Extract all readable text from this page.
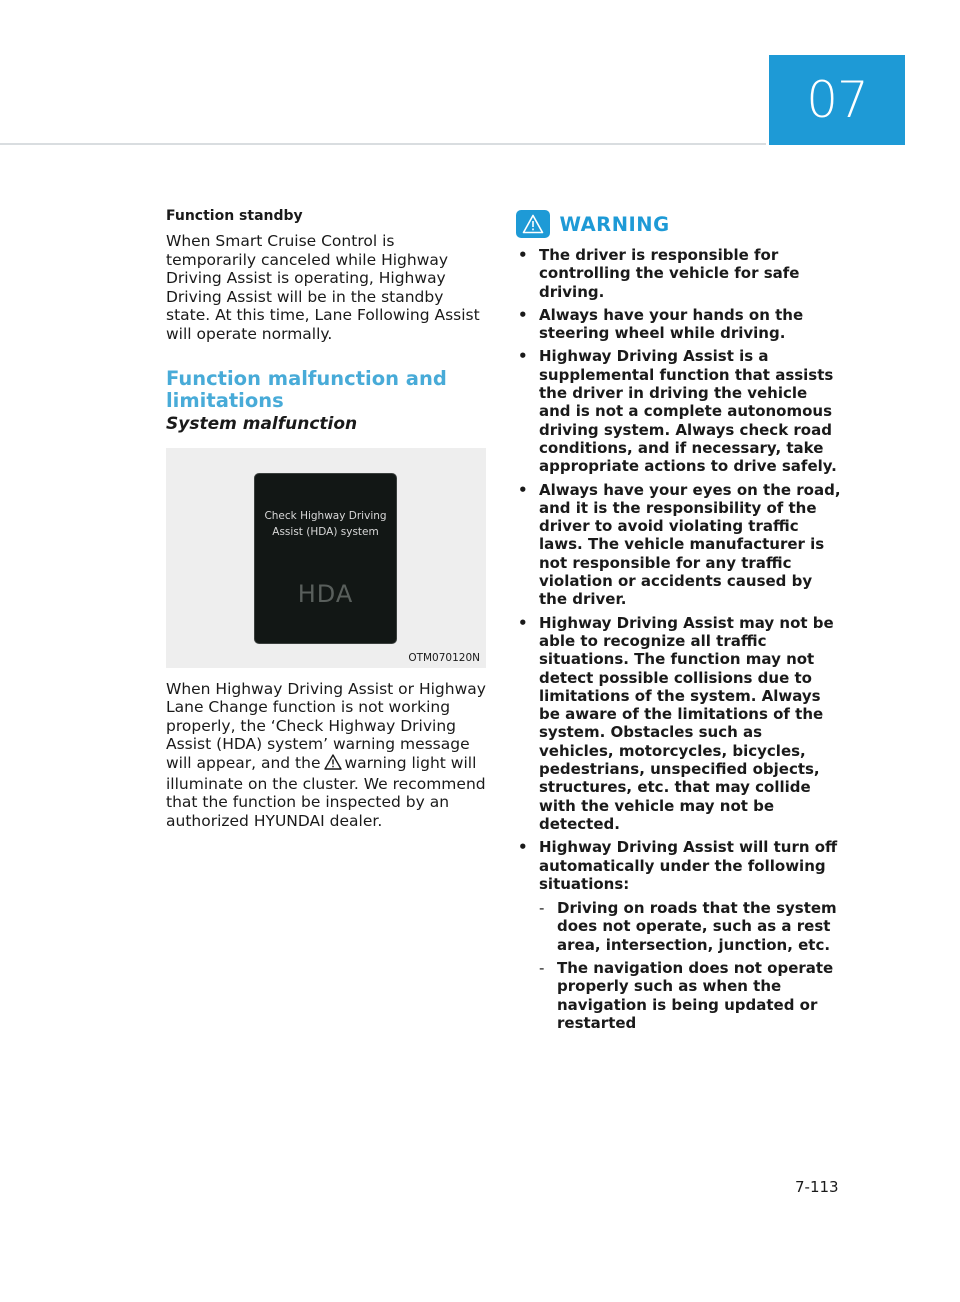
07

Function standby

When Smart Cruise Control is temporarily canceled while Highway Driving Assist is operating, Highway Driving Assist will be in the standby state. At this time, Lane Following Assist will operate normally.

Function malfunction and limitations
System malfunction
Check Highway Driving Assist (HDA) system
HDA
OTM070120N

When Highway Driving Assist or Highway Lane Change function is not working properly, the ‘Check Highway Driving Assist (HDA) system’ warning message will appear, and the warning light will illuminate on the cluster. We recommend that the function be inspected by an authorized HYUNDAI dealer.

WARNING
• The driver is responsible for controlling the vehicle for safe driving.
• Always have your hands on the steering wheel while driving.
• Highway Driving Assist is a supplemental function that assists the driver in driving the vehicle and is not a complete autonomous driving system. Always check road conditions, and if necessary, take appropriate actions to drive safely.
• Always have your eyes on the road, and it is the responsibility of the driver to avoid violating traffic laws. The vehicle manufacturer is not responsible for any traffic violation or accidents caused by the driver.
• Highway Driving Assist may not be able to recognize all traffic situations. The function may not detect possible collisions due to limitations of the system. Always be aware of the limitations of the system. Obstacles such as vehicles, motorcycles, bicycles, pedestrians, unspecified objects, structures, etc. that may collide with the vehicle may not be detected.
• Highway Driving Assist will turn off automatically under the following situations:
- Driving on roads that the system does not operate, such as a rest area, intersection, junction, etc.
- The navigation does not operate properly such as when the navigation is being updated or restarted
7-113
